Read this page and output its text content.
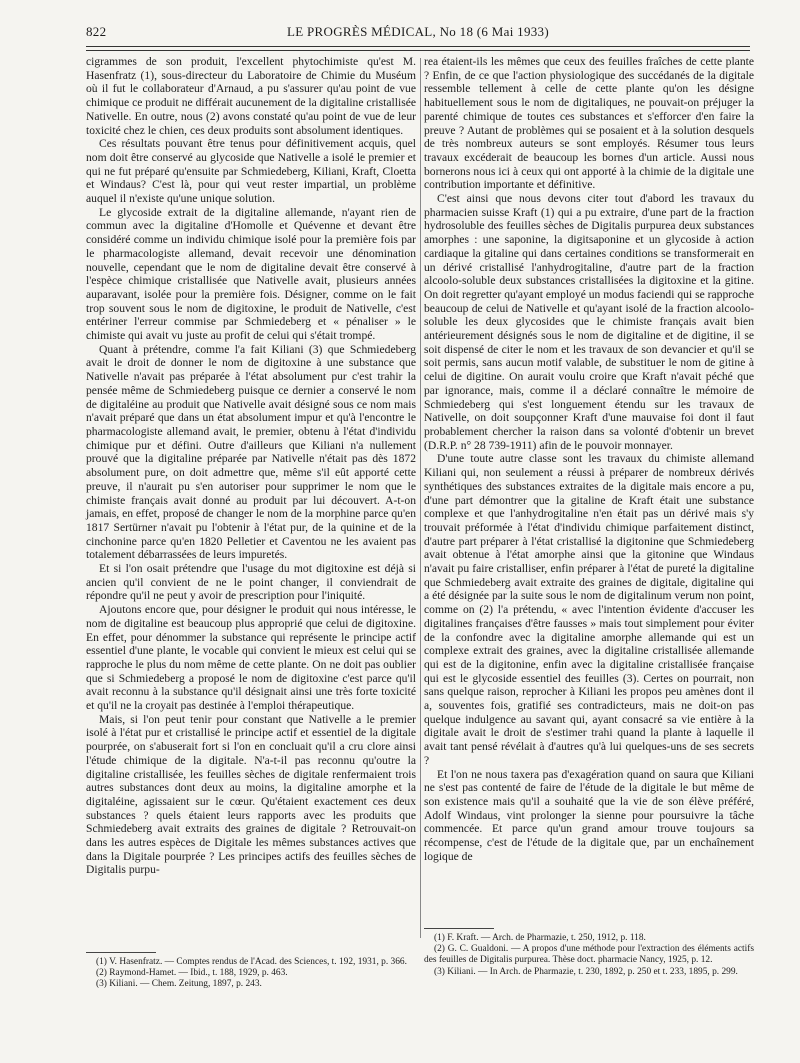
822	LE PROGRÈS MÉDICAL, No 18 (6 Mai 1933)

cigrammes de son produit, l'excellent phytochimiste qu'est M. Hasenfratz (1), sous-directeur du Laboratoire de Chimie du Muséum où il fut le collaborateur d'Arnaud, a pu s'assurer qu'au point de vue chimique ce produit ne différait aucunement de la digitaline cristallisée Nativelle. En outre, nous (2) avons constaté qu'au point de vue de leur toxicité chez le chien, ces deux produits sont absolument identiques.

Ces résultats pouvant être tenus pour définitivement acquis, quel nom doit être conservé au glycoside que Nativelle a isolé le premier et qui ne fut préparé qu'ensuite par Schmiedeberg, Kiliani, Kraft, Cloetta et Windaus? C'est là, pour qui veut rester impartial, un problème auquel il n'existe qu'une unique solution.

Le glycoside extrait de la digitaline allemande, n'ayant rien de commun avec la digitaline d'Homolle et Quévenne et devant être considéré comme un individu chimique isolé pour la première fois par le pharmacologiste allemand, devait recevoir une dénomination nouvelle, cependant que le nom de digitaline devait être conservé à l'espèce chimique cristallisée que Nativelle avait, plusieurs années auparavant, isolée pour la première fois. Désigner, comme on le fait trop souvent sous le nom de digitoxine, le produit de Nativelle, c'est entériner l'erreur commise par Schmiedeberg et « pénaliser » le chimiste qui avait vu juste au profit de celui qui s'était trompé.

Quant à prétendre, comme l'a fait Kiliani (3) que Schmiedeberg avait le droit de donner le nom de digitoxine à une substance que Nativelle n'avait pas préparée à l'état absolument pur c'est trahir la pensée même de Schmiedeberg puisque ce dernier a conservé le nom de digitaléine au produit que Nativelle avait désigné sous ce nom mais n'avait préparé que dans un état absolument impur et qu'à l'encontre le pharmacologiste allemand avait, le premier, obtenu à l'état d'individu chimique pur et défini. Outre d'ailleurs que Kiliani n'a nullement prouvé que la digitaline préparée par Nativelle n'était pas dès 1872 absolument pure, on doit admettre que, même s'il eût apporté cette preuve, il n'aurait pu s'en autoriser pour supprimer le nom que le chimiste français avait donné au produit par lui découvert. A-t-on jamais, en effet, proposé de changer le nom de la morphine parce qu'en 1817 Sertürner n'avait pu l'obtenir à l'état pur, de la quinine et de la cinchonine parce qu'en 1820 Pelletier et Caventou ne les avaient pas totalement débarrassées de leurs impuretés.

Et si l'on osait prétendre que l'usage du mot digitoxine est déjà si ancien qu'il convient de ne le point changer, il conviendrait de répondre qu'il ne peut y avoir de prescription pour l'iniquité.

Ajoutons encore que, pour désigner le produit qui nous intéresse, le nom de digitaline est beaucoup plus approprié que celui de digitoxine. En effet, pour dénommer la substance qui représente le principe actif essentiel d'une plante, le vocable qui convient le mieux est celui qui se rapproche le plus du nom même de cette plante. On ne doit pas oublier que si Schmiedeberg a proposé le nom de digitoxine c'est parce qu'il avait reconnu à la substance qu'il désignait ainsi une très forte toxicité et qu'il ne la croyait pas destinée à l'emploi thérapeutique.

Mais, si l'on peut tenir pour constant que Nativelle a le premier isolé à l'état pur et cristallisé le principe actif et essentiel de la digitale pourprée, on s'abuserait fort si l'on en concluait qu'il a cru clore ainsi l'étude chimique de la digitale. N'a-t-il pas reconnu qu'outre la digitaline cristallisée, les feuilles sèches de digitale renfermaient trois autres substances dont deux au moins, la digitaline amorphe et la digitaléine, agissaient sur le cœur. Qu'étaient exactement ces deux substances ? quels étaient leurs rapports avec les produits que Schmiedeberg avait extraits des graines de digitale ? Retrouvait-on dans les autres espèces de Digitale les mêmes substances actives que dans la Digitale pourprée ? Les principes actifs des feuilles sèches de Digitalis purpu-

rea étaient-ils les mêmes que ceux des feuilles fraîches de cette plante ? Enfin, de ce que l'action physiologique des succédanés de la digitale ressemble tellement à celle de cette plante qu'on les désigne habituellement sous le nom de digitaliques, ne pouvait-on préjuger la parenté chimique de toutes ces substances et s'efforcer d'en faire la preuve ? Autant de problèmes qui se posaient et à la solution desquels de très nombreux auteurs se sont employés. Résumer tous leurs travaux excéderait de beaucoup les bornes d'un article. Aussi nous bornerons nous ici à ceux qui ont apporté à la chimie de la digitale une contribution importante et définitive.

C'est ainsi que nous devons citer tout d'abord les travaux du pharmacien suisse Kraft (1) qui a pu extraire, d'une part de la fraction hydrosoluble des feuilles sèches de Digitalis purpurea deux substances amorphes : une saponine, la digitsaponine et un glycoside à action cardiaque la gitaline qui dans certaines conditions se transformerait en un dérivé cristallisé l'anhydrogitaline, d'autre part de la fraction alcoolo-soluble deux substances cristallisées la digitoxine et la gitine. On doit regretter qu'ayant employé un modus faciendi qui se rapproche beaucoup de celui de Nativelle et qu'ayant isolé de la fraction alcoolo-soluble les deux glycosides que le chimiste français avait bien antérieurement désignés sous le nom de digitaline et de digitine, il se soit dispensé de citer le nom et les travaux de son devancier et qu'il se soit permis, sans aucun motif valable, de substituer le nom de gitine à celui de digitine. On aurait voulu croire que Kraft n'avait péché que par ignorance, mais, comme il a déclaré connaître le mémoire de Schmiedeberg qui s'est longuement étendu sur les travaux de Nativelle, on doit soupçonner Kraft d'une mauvaise foi dont il faut probablement chercher la raison dans sa volonté d'obtenir un brevet (D.R.P. n° 28 739-1911) afin de le pouvoir monnayer.

D'une toute autre classe sont les travaux du chimiste allemand Kiliani qui, non seulement a réussi à préparer de nombreux dérivés synthétiques des substances extraites de la digitale mais encore a pu, d'une part démontrer que la gitaline de Kraft était une substance complexe et que l'anhydrogitaline n'en était pas un dérivé mais s'y trouvait préformée à l'état d'individu chimique parfaitement distinct, d'autre part préparer à l'état cristallisé la digitonine que Schmiedeberg avait obtenue à l'état amorphe ainsi que la gitonine que Windaus n'avait pu faire cristalliser, enfin préparer à l'état de pureté la digitaline que Schmiedeberg avait extraite des graines de digitale, digitaline qui a été désignée par la suite sous le nom de digitalinum verum non point, comme on (2) l'a prétendu, « avec l'intention évidente d'accuser les digitalines françaises d'être fausses » mais tout simplement pour éviter de la confondre avec la digitaline amorphe allemande qui est un complexe extrait des graines, avec la digitaline cristallisée allemande qui est de la digitonine, enfin avec la digitaline cristallisée française qui est le glycoside essentiel des feuilles (3). Certes on pourrait, non sans quelque raison, reprocher à Kiliani les propos peu amènes dont il a, souventes fois, gratifié ses contradicteurs, mais ne doit-on pas quelque indulgence au savant qui, ayant consacré sa vie entière à la digitale avait le droit de s'estimer trahi quand la plante à laquelle il avait tant pensé révélait à d'autres qu'à lui quelques-uns de ses secrets ?

Et l'on ne nous taxera pas d'exagération quand on saura que Kiliani ne s'est pas contenté de faire de l'étude de la digitale le but même de son existence mais qu'il a souhaité que la vie de son élève préféré, Adolf Windaus, vint prolonger la sienne pour poursuivre la tâche commencée. Et parce qu'un grand amour trouve toujours sa récompense, c'est de l'étude de la digitale que, par un enchaînement logique de

(1) V. Hasenfratz. — Comptes rendus de l'Acad. des Sciences, t. 192, 1931, p. 366.
(2) Raymond-Hamet. — Ibid., t. 188, 1929, p. 463.
(3) Kiliani. — Chem. Zeitung, 1897, p. 243.
(1) F. Kraft. — Arch. de Pharmazie, t. 250, 1912, p. 118.
(2) G. C. Gualdoni. — A propos d'une méthode pour l'extraction des éléments actifs des feuilles de Digitalis purpurea. Thèse doct. pharmacie Nancy, 1925, p. 12.
(3) Kiliani. — In Arch. de Pharmazie, t. 230, 1892, p. 250 et t. 233, 1895, p. 299.
